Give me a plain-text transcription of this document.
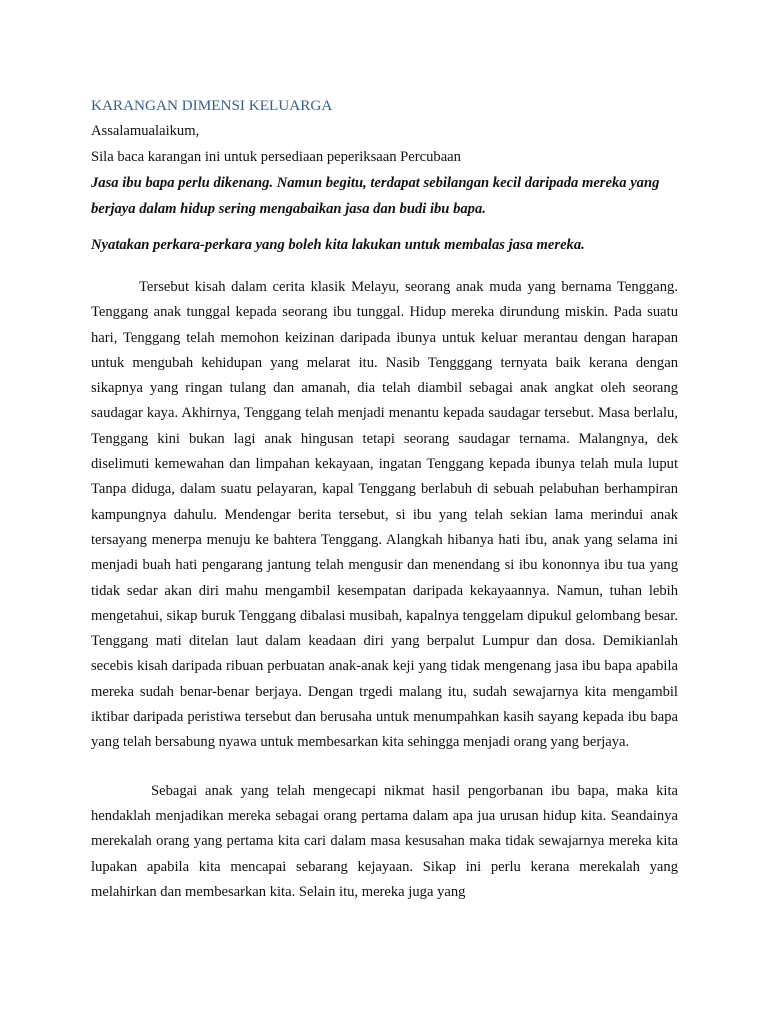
KARANGAN DIMENSI KELUARGA

Assalamualaikum,

Sila baca karangan ini untuk persediaan peperiksaan Percubaan

Jasa ibu bapa perlu dikenang. Namun begitu, terdapat sebilangan kecil daripada mereka yang berjaya dalam hidup sering mengabaikan jasa dan budi ibu bapa.

Nyatakan perkara-perkara yang boleh kita lakukan untuk membalas jasa mereka.

Tersebut kisah dalam cerita klasik Melayu, seorang anak muda yang bernama Tenggang. Tenggang anak tunggal kepada seorang ibu tunggal. Hidup mereka dirundung miskin. Pada suatu hari, Tenggang telah memohon keizinan daripada ibunya untuk keluar merantau dengan harapan untuk mengubah kehidupan yang melarat itu. Nasib Tengggang ternyata baik kerana dengan sikapnya yang ringan tulang dan amanah, dia telah diambil sebagai anak angkat oleh seorang saudagar kaya. Akhirnya, Tenggang telah menjadi menantu kepada saudagar tersebut. Masa berlalu, Tenggang kini bukan lagi anak hingusan tetapi seorang saudagar ternama. Malangnya, dek diselimuti kemewahan dan limpahan kekayaan, ingatan Tenggang kepada ibunya telah mula luput Tanpa diduga, dalam suatu pelayaran, kapal Tenggang berlabuh di sebuah pelabuhan berhampiran kampungnya dahulu. Mendengar berita tersebut, si ibu yang telah sekian lama merindui anak tersayang menerpa menuju ke bahtera Tenggang. Alangkah hibanya hati ibu, anak yang selama ini menjadi buah hati pengarang jantung telah mengusir dan menendang si ibu kononnya ibu tua yang tidak sedar akan diri mahu mengambil kesempatan daripada kekayaannya. Namun, tuhan lebih mengetahui, sikap buruk Tenggang dibalasi musibah, kapalnya tenggelam dipukul gelombang besar. Tenggang mati ditelan laut dalam keadaan diri yang berpalut Lumpur dan dosa. Demikianlah secebis kisah daripada ribuan perbuatan anak-anak keji yang tidak mengenang jasa ibu bapa apabila mereka sudah benar-benar berjaya. Dengan trgedi malang itu, sudah sewajarnya kita mengambil iktibar daripada peristiwa tersebut dan berusaha untuk menumpahkan kasih sayang kepada ibu bapa yang telah bersabung nyawa untuk membesarkan kita sehingga menjadi orang yang berjaya.

Sebagai anak yang telah mengecapi nikmat hasil pengorbanan ibu bapa, maka kita hendaklah menjadikan mereka sebagai orang pertama dalam apa jua urusan hidup kita. Seandainya merekalah orang yang pertama kita cari dalam masa kesusahan maka tidak sewajarnya mereka kita lupakan apabila kita mencapai sebarang kejayaan. Sikap ini perlu kerana merekalah yang melahirkan dan membesarkan kita. Selain itu, mereka juga yang
